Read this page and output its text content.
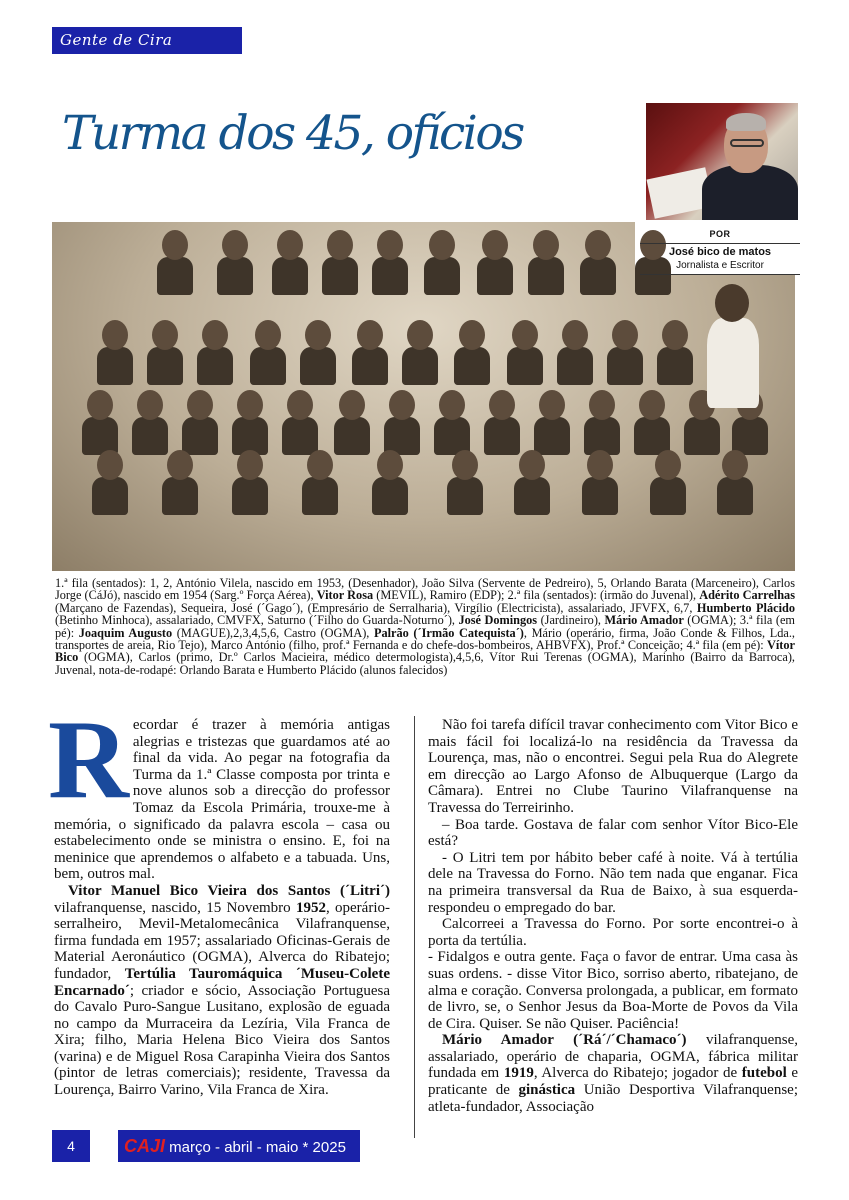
Gente de Cira
Turma dos 45, ofícios
POR
José bico de matos
Jornalista e Escritor

1.ª fila (sentados): 1, 2, António Vilela, nascido em 1953, (Desenhador), João Silva (Servente de Pedreiro), 5, Orlando Barata (Marceneiro), Carlos Jorge (CáJó), nascido em 1954 (Sarg.º Força Aérea), Vitor Rosa (MEVIL), Ramiro (EDP); 2.ª fila (sentados): (irmão do Juvenal), Adérito Carrelhas (Marçano de Fazendas), Sequeira, José (´Gago´), (Empresário de Serralharia), Virgílio (Electricista), assalariado, JFVFX, 6,7, Humberto Plácido (Betinho Minhoca), assalariado, CMVFX, Saturno (´Filho do Guarda-Noturno´), José Domingos (Jardineiro), Mário Amador (OGMA); 3.ª fila (em pé): Joaquim Augusto (MAGUE),2,3,4,5,6, Castro (OGMA), Palrão (´Irmão Catequista´), Mário (operário, firma, João Conde & Filhos, Lda., transportes de areia, Rio Tejo), Marco António (filho, prof.ª Fernanda e do chefe-dos-bombeiros, AHBVFX), Prof.ª Conceição; 4.ª fila (em pé): Vítor Bico (OGMA), Carlos (primo, Dr.º Carlos Macieira, médico determologista),4,5,6, Vítor Rui Terenas (OGMA), Marinho (Bairro da Barroca), Juvenal, nota-de-rodapé: Orlando Barata e Humberto Plácido (alunos falecidos)

R ecordar é trazer à memória antigas alegrias e tristezas que guardamos até ao final da vida. Ao pegar na fotografia da Turma da 1.ª Classe composta por trinta e nove alunos sob a direcção do professor Tomaz da Escola Primária, trouxe-me à memória, o significado da palavra escola – casa ou estabelecimento onde se ministra o ensino. E, foi na meninice que aprendemos o alfabeto e a tabuada. Uns, bem, outros mal.

Vitor Manuel Bico Vieira dos Santos (´Litri´) vilafranquense, nascido, 15 Novembro 1952, operário-serralheiro, Mevil-Metalomecânica Vilafranquense, firma fundada em 1957; assalariado Oficinas-Gerais de Material Aeronáutico (OGMA), Alverca do Ribatejo; fundador, Tertúlia Tauromáquica ´Museu-Colete Encarnado´; criador e sócio, Associação Portuguesa do Cavalo Puro-Sangue Lusitano, explosão de eguada no campo da Murraceira da Lezíria, Vila Franca de Xira; filho, Maria Helena Bico Vieira dos Santos (varina) e de Miguel Rosa Carapinha Vieira dos Santos (pintor de letras comerciais); residente, Travessa da Lourença, Bairro Varino, Vila Franca de Xira.

Não foi tarefa difícil travar conhecimento com Vitor Bico e mais fácil foi localizá-lo na residência da Travessa da Lourença, mas, não o encontrei. Segui pela Rua do Alegrete em direcção ao Largo Afonso de Albuquerque (Largo da Câmara). Entrei no Clube Taurino Vilafranquense na Travessa do Terreirinho.

– Boa tarde. Gostava de falar com senhor Vítor Bico-Ele está?

- O Litri tem por hábito beber café à noite. Vá à tertúlia dele na Travessa do Forno. Não tem nada que enganar. Fica na primeira transversal da Rua de Baixo, à sua esquerda- respondeu o empregado do bar.

Calcorreei a Travessa do Forno. Por sorte encontrei-o à porta da tertúlia.

- Fidalgos e outra gente. Faça o favor de entrar. Uma casa às suas ordens. - disse Vitor Bico, sorriso aberto, ribatejano, de alma e coração. Conversa prolongada, a publicar, em formato de livro, se, o Senhor Jesus da Boa-Morte de Povos da Vila de Cira. Quiser. Se não Quiser. Paciência!

Mário Amador (´Rá´/´Chamaco´) vilafranquense, assalariado, operário de chaparia, OGMA, fábrica militar fundada em 1919, Alverca do Ribatejo; jogador de futebol e praticante de ginástica União Desportiva Vilafranquense; atleta-fundador, Associação

4	CAJI março - abril - maio * 2025
